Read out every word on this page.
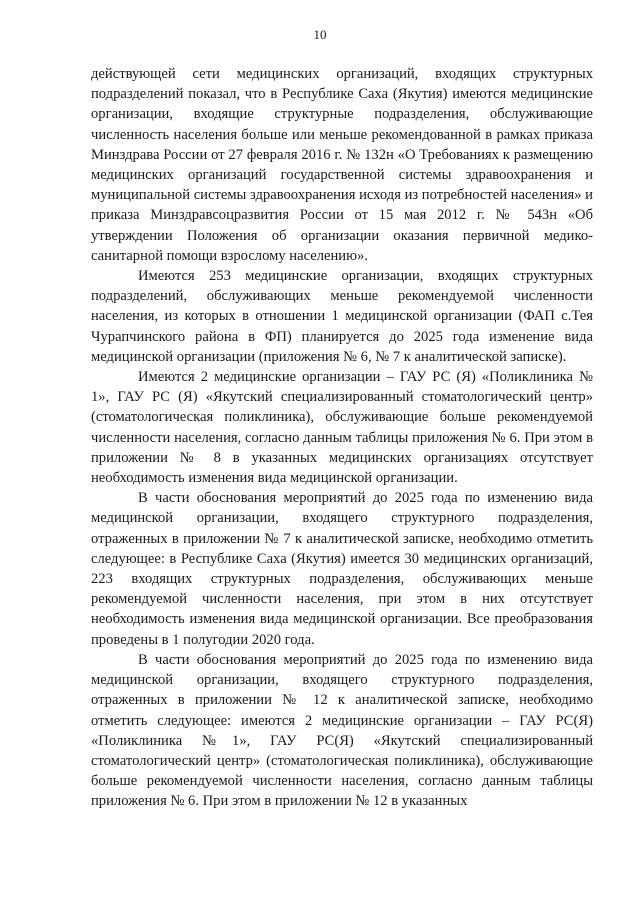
10

действующей сети медицинских организаций, входящих структурных подразделений показал, что в Республике Саха (Якутия) имеются медицинские организации, входящие структурные подразделения, обслуживающие численность населения больше или меньше рекомендованной в рамках приказа Минздрава России от 27 февраля 2016 г. № 132н «О Требованиях к размещению медицинских организаций государственной системы здравоохранения и муниципальной системы здравоохранения исходя из потребностей населения» и приказа Минздравсоцразвития России от 15 мая 2012 г. № 543н «Об утверждении Положения об организации оказания первичной медико-санитарной помощи взрослому населению».

Имеются 253 медицинские организации, входящих структурных подразделений, обслуживающих меньше рекомендуемой численности населения, из которых в отношении 1 медицинской организации (ФАП с.Тея Чурапчинского района в ФП) планируется до 2025 года изменение вида медицинской организации (приложения № 6, № 7 к аналитической записке).

Имеются 2 медицинские организации – ГАУ РС (Я) «Поликлиника № 1», ГАУ РС (Я) «Якутский специализированный стоматологический центр» (стоматологическая поликлиника), обслуживающие больше рекомендуемой численности населения, согласно данным таблицы приложения № 6. При этом в приложении № 8 в указанных медицинских организациях отсутствует необходимость изменения вида медицинской организации.

В части обоснования мероприятий до 2025 года по изменению вида медицинской организации, входящего структурного подразделения, отраженных в приложении № 7 к аналитической записке, необходимо отметить следующее: в Республике Саха (Якутия) имеется 30 медицинских организаций, 223 входящих структурных подразделения, обслуживающих меньше рекомендуемой численности населения, при этом в них отсутствует необходимость изменения вида медицинской организации. Все преобразования проведены в 1 полугодии 2020 года.

В части обоснования мероприятий до 2025 года по изменению вида медицинской организации, входящего структурного подразделения, отраженных в приложении № 12 к аналитической записке, необходимо отметить следующее: имеются 2 медицинские организации – ГАУ РС(Я) «Поликлиника №1», ГАУ РС(Я) «Якутский специализированный стоматологический центр» (стоматологическая поликлиника), обслуживающие больше рекомендуемой численности населения, согласно данным таблицы приложения № 6. При этом в приложении № 12 в указанных
